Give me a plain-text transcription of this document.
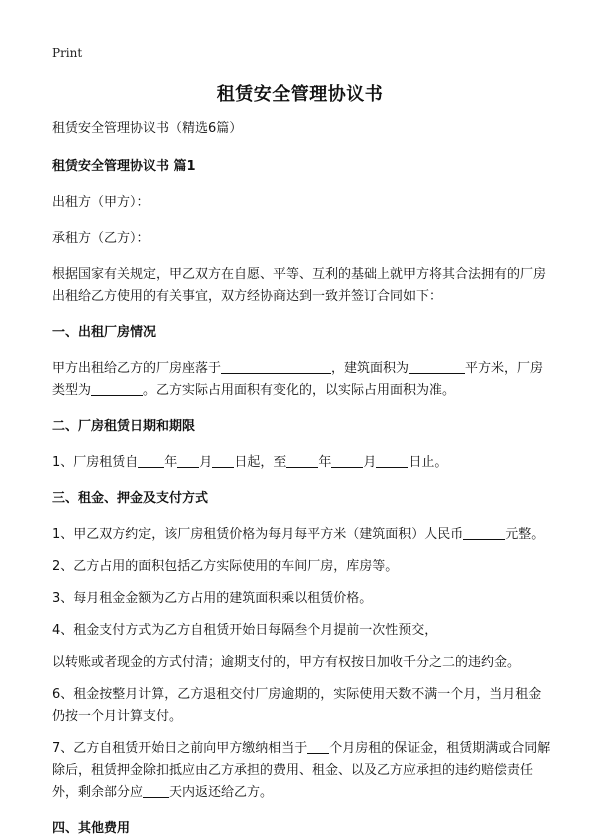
Print
租赁安全管理协议书

租赁安全管理协议书（精选6篇）

租赁安全管理协议书 篇1

出租方（甲方）：

承租方（乙方）：

根据国家有关规定，甲乙双方在自愿、平等、互利的基础上就甲方将其合法拥有的厂房出租给乙方使用的有关事宜，双方经协商达到一致并签订合同如下：

一、出租厂房情况

甲方出租给乙方的厂房座落于	，建筑面积为	平方米，厂房类型为	。乙方实际占用面积有变化的，以实际占用面积为准。

二、厂房租赁日期和期限

1、厂房租赁自 年 月 日起，至 年 月 日止。

三、租金、押金及支付方式

1、甲乙双方约定，该厂房租赁价格为每月每平方米（建筑面积）人民币	元整。

2、乙方占用的面积包括乙方实际使用的车间厂房，库房等。

3、每月租金金额为乙方占用的建筑面积乘以租赁价格。

4、租金支付方式为乙方自租赁开始日每隔叁个月提前一次性预交，

以转账或者现金的方式付清；逾期支付的，甲方有权按日加收千分之二的违约金。

6、租金按整月计算，乙方退租交付厂房逾期的，实际使用天数不满一个月，当月租金仍按一个月计算支付。

7、乙方自租赁开始日之前向甲方缴纳相当于 个月房租的保证金，租赁期满或合同解除后，租赁押金除扣抵应由乙方承担的费用、租金、以及乙方应承担的违约赔偿责任外，剩余部分应 天内返还给乙方。

四、其他费用
